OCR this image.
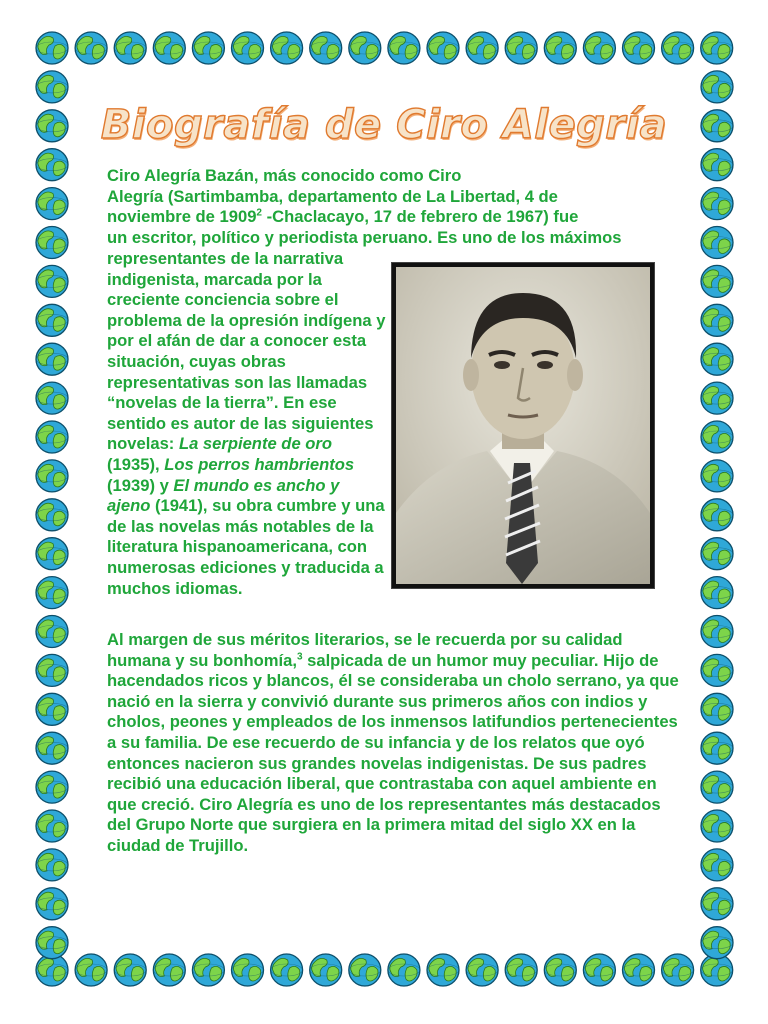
Biografía de Ciro Alegría
Ciro Alegría Bazán, más conocido como Ciro
Alegría (Sartimbamba, departamento de La Libertad, 4 de
noviembre de 1909$^2$ -Chaclacayo, 17 de febrero de 1967) fue
un escritor, político y periodista peruano. Es uno de los máximos
representantes de la narrativa indigenista, marcada por la creciente conciencia sobre el problema de la opresión indígena y por el afán de dar a conocer esta situación, cuyas obras representativas son las llamadas “novelas de la tierra”. En ese sentido es autor de las siguientes novelas: La serpiente de oro (1935), Los perros hambrientos (1939) y El mundo es ancho y ajeno (1941), su obra cumbre y una de las novelas más notables de la literatura hispanoamericana, con numerosas ediciones y traducida a muchos idiomas.
Al margen de sus méritos literarios, se le recuerda por su calidad humana y su bonhomía,$^3$ salpicada de un humor muy peculiar. Hijo de hacendados ricos y blancos, él se consideraba un cholo serrano, ya que nació en la sierra y convivió durante sus primeros años con indios y cholos, peones y empleados de los inmensos latifundios pertenecientes a su familia. De ese recuerdo de su infancia y de los relatos que oyó entonces nacieron sus grandes novelas indigenistas. De sus padres recibió una educación liberal, que contrastaba con aquel ambiente en que creció. Ciro Alegría es uno de los representantes más destacados del Grupo Norte que surgiera en la primera mitad del siglo XX en la ciudad de Trujillo.
